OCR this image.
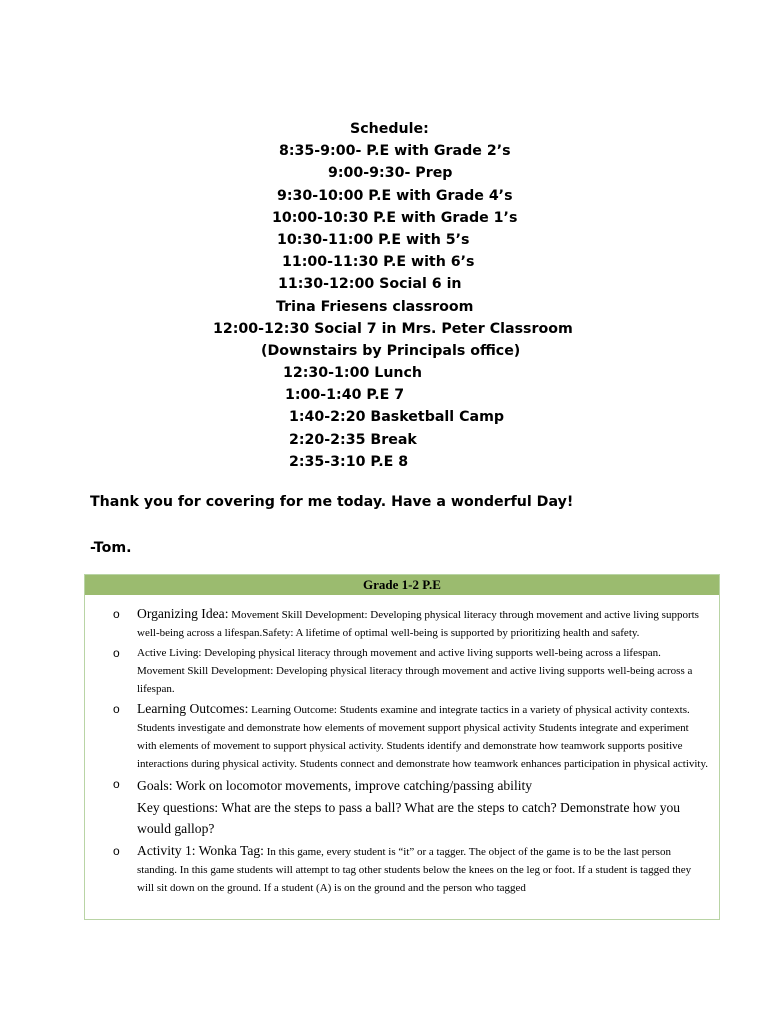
Schedule:
8:35-9:00- P.E with Grade 2’s
9:00-9:30- Prep
9:30-10:00 P.E with Grade 4’s
10:00-10:30 P.E with Grade 1’s
10:30-11:00 P.E with 5’s
11:00-11:30 P.E with 6’s
11:30-12:00 Social 6 in
Trina Friesens classroom
12:00-12:30 Social 7 in Mrs. Peter Classroom
(Downstairs by Principals office)
12:30-1:00 Lunch
1:00-1:40 P.E 7
1:40-2:20 Basketball Camp
2:20-2:35 Break
2:35-3:10 P.E 8
Thank you for covering for me today. Have a wonderful Day!
-Tom.
Grade 1-2 P.E
o Organizing Idea: Movement Skill Development: Developing physical literacy through movement and active living supports well-being across a lifespan.Safety: A lifetime of optimal well-being is supported by prioritizing health and safety.

o Active Living: Developing physical literacy through movement and active living supports well-being across a lifespan. Movement Skill Development: Developing physical literacy through movement and active living supports well-being across a lifespan.

o Learning Outcomes: Learning Outcome: Students examine and integrate tactics in a variety of physical activity contexts. Students investigate and demonstrate how elements of movement support physical activity Students integrate and experiment with elements of movement to support physical activity. Students identify and demonstrate how teamwork supports positive interactions during physical activity. Students connect and demonstrate how teamwork enhances participation in physical activity.

o Goals: Work on locomotor movements, improve catching/passing ability

Key questions: What are the steps to pass a ball? What are the steps to catch? Demonstrate how you would gallop?

o Activity 1: Wonka Tag: In this game, every student is “it” or a tagger. The object of the game is to be the last person standing. In this game students will attempt to tag other students below the knees on the leg or foot. If a student is tagged they will sit down on the ground. If a student (A) is on the ground and the person who tagged
